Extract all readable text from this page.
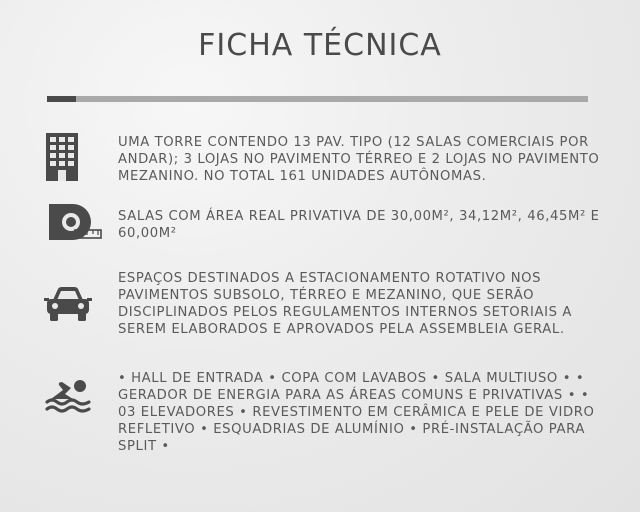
FICHA TÉCNICA
UMA TORRE CONTENDO 13 PAV. TIPO (12 SALAS COMERCIAIS POR ANDAR); 3 LOJAS NO PAVIMENTO TÉRREO E 2 LOJAS NO PAVIMENTO MEZANINO. NO TOTAL 161 UNIDADES AUTÔNOMAS.
SALAS COM ÁREA REAL PRIVATIVA DE 30,00M², 34,12M², 46,45M² E 60,00M²
ESPAÇOS DESTINADOS A ESTACIONAMENTO ROTATIVO NOS PAVIMENTOS SUBSOLO, TÉRREO E MEZANINO, QUE SERÃO DISCIPLINADOS PELOS REGULAMENTOS INTERNOS SETORIAIS A SEREM ELABORADOS E APROVADOS PELA ASSEMBLEIA GERAL.
• HALL DE ENTRADA • COPA COM LAVABOS • SALA MULTIUSO • • GERADOR DE ENERGIA PARA AS ÁREAS COMUNS E PRIVATIVAS • • 03 ELEVADORES • REVESTIMENTO EM CERÂMICA E PELE DE VIDRO REFLETIVO • ESQUADRIAS DE ALUMÍNIO • PRÉ-INSTALAÇÃO PARA SPLIT •
